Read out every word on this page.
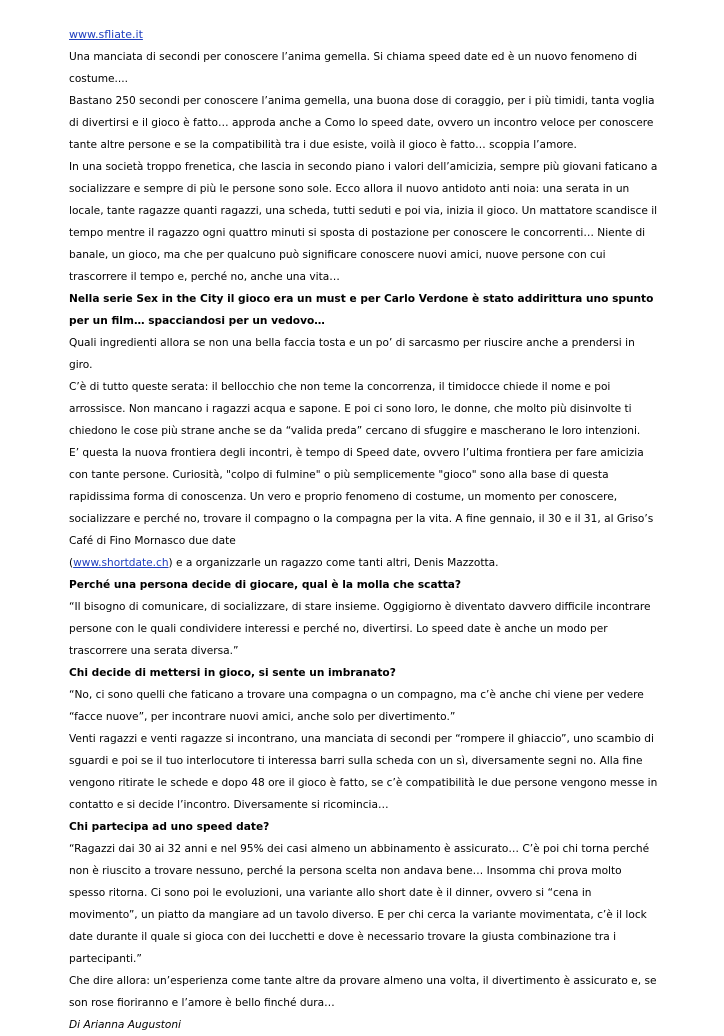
www.sfliate.it

Una manciata di secondi per conoscere l’anima gemella. Si chiama speed date ed è un nuovo fenomeno di costume....

Bastano 250 secondi per conoscere l’anima gemella, una buona dose di coraggio, per i più timidi, tanta voglia di divertirsi e il gioco è fatto… approda anche a Como lo speed date, ovvero un incontro veloce per conoscere tante altre persone e se la compatibilità tra i due esiste, voilà il gioco è fatto… scoppia l’amore.

In una società troppo frenetica, che lascia in secondo piano i valori dell’amicizia, sempre più giovani faticano a socializzare e sempre di più le persone sono sole. Ecco allora il nuovo antidoto anti noia: una serata in un locale, tante ragazze quanti ragazzi, una scheda, tutti seduti e poi via, inizia il gioco. Un mattatore scandisce il tempo mentre il ragazzo ogni quattro minuti si sposta di postazione per conoscere le concorrenti… Niente di banale, un gioco, ma che per qualcuno può significare conoscere nuovi amici, nuove persone con cui trascorrere il tempo e, perché no, anche una vita…

Nella serie Sex in the City il gioco era un must e per Carlo Verdone è stato addirittura uno spunto per un film… spacciandosi per un vedovo…

Quali ingredienti allora se non una bella faccia tosta e un po’ di sarcasmo per riuscire anche a prendersi in giro.

C’è di tutto queste serata: il bellocchio che non teme la concorrenza, il timidocce chiede il nome e poi arrossisce. Non mancano i ragazzi acqua e sapone. E poi ci sono loro, le donne, che molto più disinvolte ti chiedono le cose più strane anche se da “valida preda” cercano di sfuggire e mascherano le loro intenzioni.

E’ questa la nuova frontiera degli incontri, è tempo di Speed date, ovvero l’ultima frontiera per fare amicizia con tante persone. Curiosità, "colpo di fulmine" o più semplicemente "gioco" sono alla base di questa rapidissima forma di conoscenza. Un vero e proprio fenomeno di costume, un momento per conoscere, socializzare e perché no, trovare il compagno o la compagna per la vita. A fine gennaio, il 30 e il 31, al Griso’s Café di Fino Mornasco due date

(www.shortdate.ch) e a organizzarle un ragazzo come tanti altri, Denis Mazzotta.

Perché una persona decide di giocare, qual è la molla che scatta?

“Il bisogno di comunicare, di socializzare, di stare insieme. Oggigiorno è diventato davvero difficile incontrare persone con le quali condividere interessi e perché no, divertirsi. Lo speed date è anche un modo per trascorrere una serata diversa.”

Chi decide di mettersi in gioco, si sente un imbranato?

“No, ci sono quelli che faticano a trovare una compagna o un compagno, ma c’è anche chi viene per vedere “facce nuove”, per incontrare nuovi amici, anche solo per divertimento.”

Venti ragazzi e venti ragazze si incontrano, una manciata di secondi per “rompere il ghiaccio”, uno scambio di sguardi e poi se il tuo interlocutore ti interessa barri sulla scheda con un sì, diversamente segni no. Alla fine vengono ritirate le schede e dopo 48 ore il gioco è fatto, se c’è compatibilità le due persone vengono messe in contatto e si decide l’incontro. Diversamente si ricomincia…

Chi partecipa ad uno speed date?

“Ragazzi dai 30 ai 32 anni e nel 95% dei casi almeno un abbinamento è assicurato… C’è poi chi torna perché non è riuscito a trovare nessuno, perché la persona scelta non andava bene… Insomma chi prova molto spesso ritorna. Ci sono poi le evoluzioni, una variante allo short date è il dinner, ovvero si “cena in movimento”, un piatto da mangiare ad un tavolo diverso. E per chi cerca la variante movimentata, c’è il lock date durante il quale si gioca con dei lucchetti e dove è necessario trovare la giusta combinazione tra i partecipanti.”

Che dire allora: un’esperienza come tante altre da provare almeno una volta, il divertimento è assicurato e, se son rose fioriranno e l’amore è bello finché dura…

Di Arianna Augustoni
